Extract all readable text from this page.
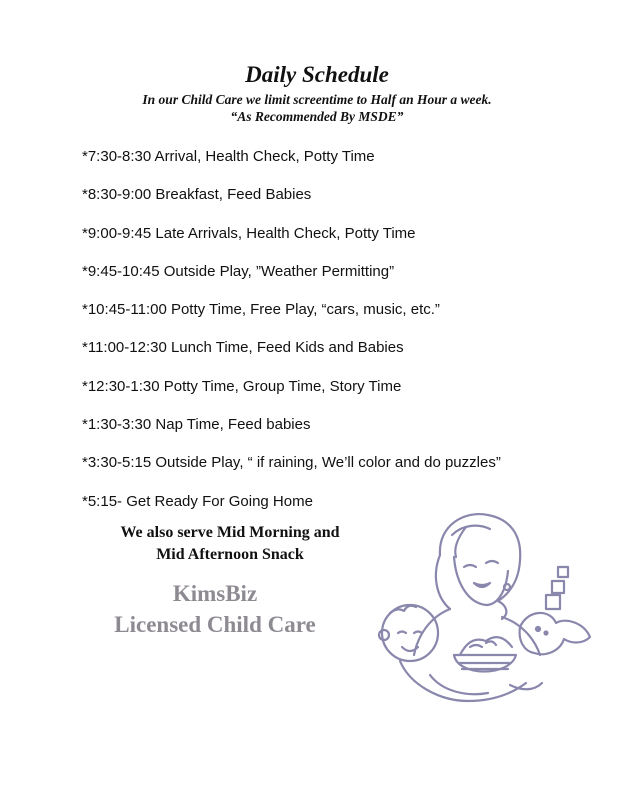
Daily Schedule
In our Child Care we limit screentime to Half an Hour a week.
“As Recommended By MSDE”
*7:30-8:30 Arrival, Health Check, Potty Time
*8:30-9:00 Breakfast, Feed Babies
*9:00-9:45 Late Arrivals, Health Check, Potty Time
*9:45-10:45 Outside Play, ”Weather Permitting”
*10:45-11:00 Potty Time, Free Play, “cars, music, etc.”
*11:00-12:30 Lunch Time, Feed Kids and Babies
*12:30-1:30 Potty Time, Group Time, Story Time
*1:30-3:30 Nap Time, Feed babies
*3:30-5:15 Outside Play, “ if raining, We’ll color and do puzzles”
*5:15- Get Ready For Going Home
We also serve Mid Morning and
Mid Afternoon Snack
KimsBiz
Licensed Child Care
